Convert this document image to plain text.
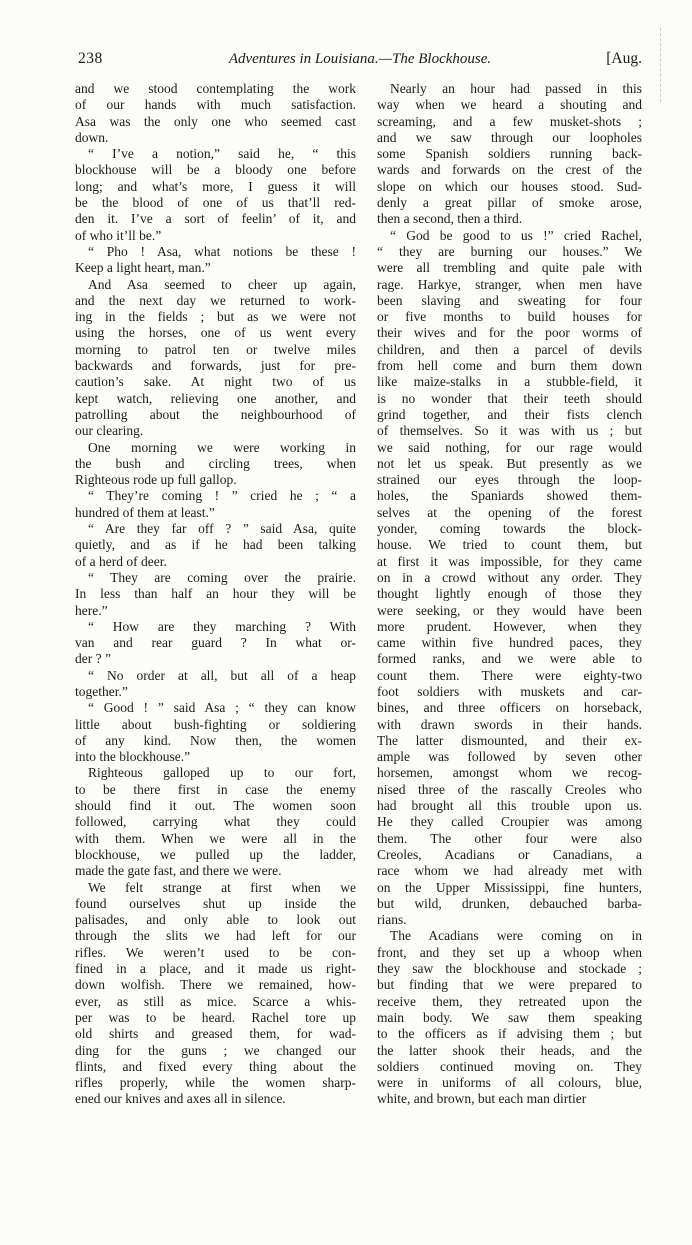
238	Adventures in Louisiana.—The Blockhouse.	[Aug.
and we stood contemplating the work
of our hands with much satisfaction.
Asa was the only one who seemed cast
down.
“ I’ve a notion,” said he, “ this
blockhouse will be a bloody one before
long; and what’s more, I guess it will
be the blood of one of us that’ll red-
den it. I’ve a sort of feelin’ of it, and
of who it’ll be.”
“ Pho ! Asa, what notions be these !
Keep a light heart, man.”
And Asa seemed to cheer up again,
and the next day we returned to work-
ing in the fields ; but as we were not
using the horses, one of us went every
morning to patrol ten or twelve miles
backwards and forwards, just for pre-
caution’s sake. At night two of us
kept watch, relieving one another, and
patrolling about the neighbourhood of
our clearing.
One morning we were working in
the bush and circling trees, when
Righteous rode up full gallop.
“ They’re coming ! ” cried he ; “ a
hundred of them at least.”
“ Are they far off ? ” said Asa, quite
quietly, and as if he had been talking
of a herd of deer.
“ They are coming over the prairie.
In less than half an hour they will be
here.”
“ How are they marching ? With
van and rear guard ? In what or-
der ? ”
“ No order at all, but all of a heap
together.”
“ Good ! ” said Asa ; “ they can know
little about bush-fighting or soldiering
of any kind. Now then, the women
into the blockhouse.”
Righteous galloped up to our fort,
to be there first in case the enemy
should find it out. The women soon
followed, carrying what they could
with them. When we were all in the
blockhouse, we pulled up the ladder,
made the gate fast, and there we were.
We felt strange at first when we
found ourselves shut up inside the
palisades, and only able to look out
through the slits we had left for our
rifles. We weren’t used to be con-
fined in a place, and it made us right-
down wolfish. There we remained, how-
ever, as still as mice. Scarce a whis-
per was to be heard. Rachel tore up
old shirts and greased them, for wad-
ding for the guns ; we changed our
flints, and fixed every thing about the
rifles properly, while the women sharp-
ened our knives and axes all in silence.
Nearly an hour had passed in this
way when we heard a shouting and
screaming, and a few musket-shots ;
and we saw through our loopholes
some Spanish soldiers running back-
wards and forwards on the crest of the
slope on which our houses stood. Sud-
denly a great pillar of smoke arose,
then a second, then a third.
“ God be good to us !” cried Rachel,
“ they are burning our houses.” We
were all trembling and quite pale with
rage. Harkye, stranger, when men have
been slaving and sweating for four
or five months to build houses for
their wives and for the poor worms of
children, and then a parcel of devils
from hell come and burn them down
like maize-stalks in a stubble-field, it
is no wonder that their teeth should
grind together, and their fists clench
of themselves. So it was with us ; but
we said nothing, for our rage would
not let us speak. But presently as we
strained our eyes through the loop-
holes, the Spaniards showed them-
selves at the opening of the forest
yonder, coming towards the block-
house. We tried to count them, but
at first it was impossible, for they came
on in a crowd without any order. They
thought lightly enough of those they
were seeking, or they would have been
more prudent. However, when they
came within five hundred paces, they
formed ranks, and we were able to
count them. There were eighty-two
foot soldiers with muskets and car-
bines, and three officers on horseback,
with drawn swords in their hands.
The latter dismounted, and their ex-
ample was followed by seven other
horsemen, amongst whom we recog-
nised three of the rascally Creoles who
had brought all this trouble upon us.
He they called Croupier was among
them. The other four were also
Creoles, Acadians or Canadians, a
race whom we had already met with
on the Upper Mississippi, fine hunters,
but wild, drunken, debauched barba-
rians.
The Acadians were coming on in
front, and they set up a whoop when
they saw the blockhouse and stockade ;
but finding that we were prepared to
receive them, they retreated upon the
main body. We saw them speaking
to the officers as if advising them ; but
the latter shook their heads, and the
soldiers continued moving on. They
were in uniforms of all colours, blue,
white, and brown, but each man dirtier
